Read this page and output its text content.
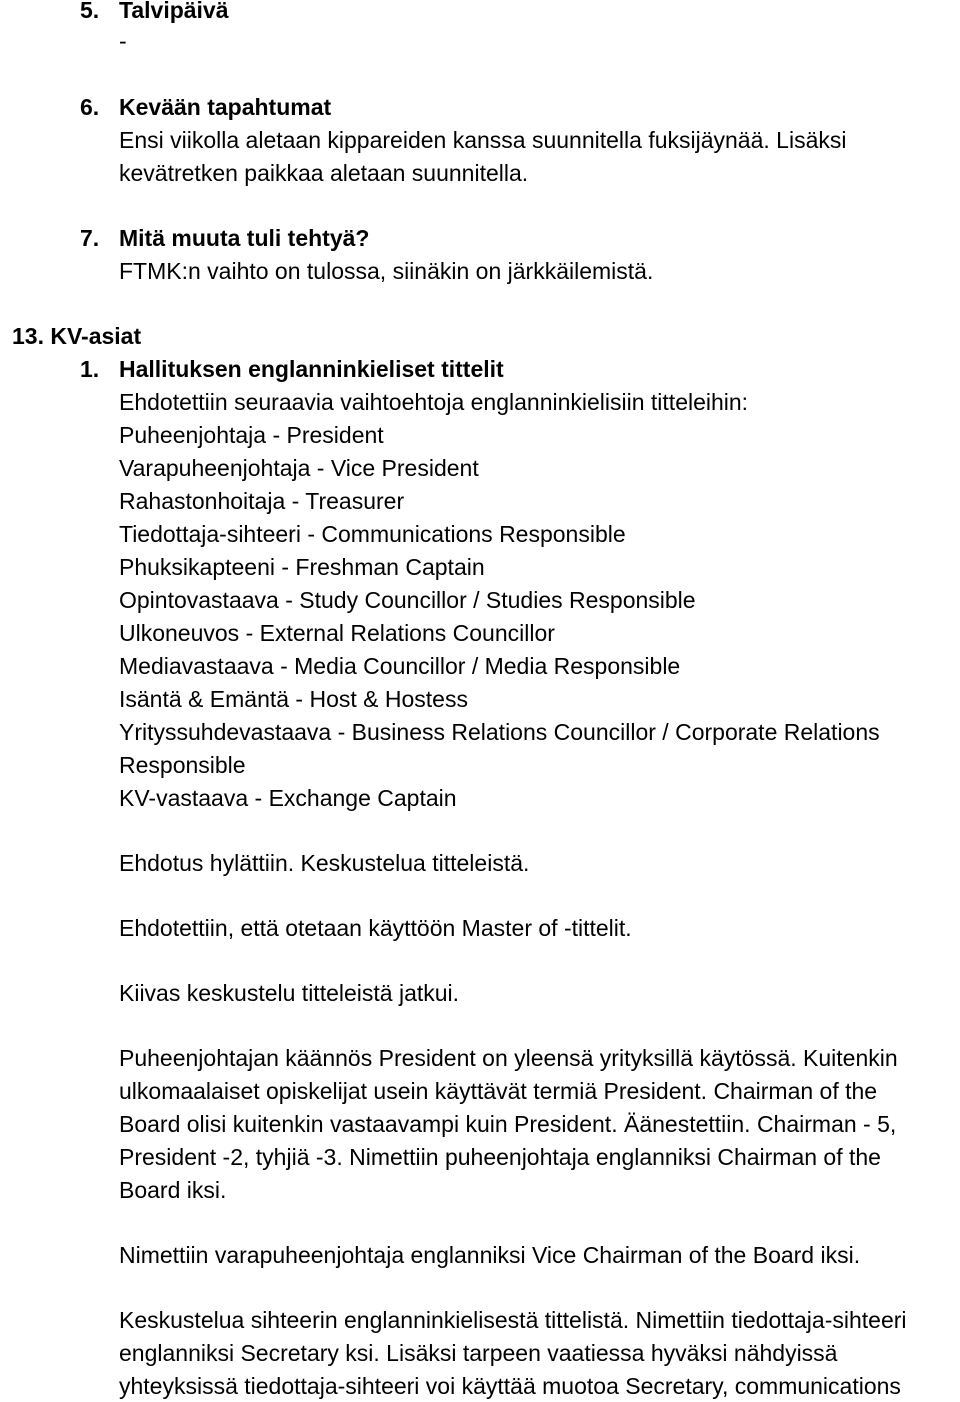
5. Talvipäivä
-
6. Kevään tapahtumat
Ensi viikolla aletaan kippareiden kanssa suunnitella fuksijäynää. Lisäksi
kevätretken paikkaa aletaan suunnitella.
7. Mitä muuta tuli tehtyä?
FTMK:n vaihto on tulossa, siinäkin on järkkäilemistä.
13. KV-asiat
1. Hallituksen englanninkieliset tittelit
Ehdotettiin seuraavia vaihtoehtoja englanninkielisiin titteleihin:
Puheenjohtaja - President
Varapuheenjohtaja - Vice President
Rahastonhoitaja - Treasurer
Tiedottaja-sihteeri - Communications Responsible
Phuksikapteeni - Freshman Captain
Opintovastaava - Study Councillor / Studies Responsible
Ulkoneuvos - External Relations Councillor
Mediavastaava - Media Councillor / Media Responsible
Isäntä & Emäntä - Host & Hostess
Yrityssuhdevastaava - Business Relations Councillor / Corporate Relations
Responsible
KV-vastaava - Exchange Captain
Ehdotus hylättiin. Keskustelua titteleistä.
Ehdotettiin, että otetaan käyttöön Master of -tittelit.
Kiivas keskustelu titteleistä jatkui.
Puheenjohtajan käännös President on yleensä yrityksillä käytössä. Kuitenkin
ulkomaalaiset opiskelijat usein käyttävät termiä President. Chairman of the
Board olisi kuitenkin vastaavampi kuin President. Äänestettiin. Chairman - 5,
President -2, tyhjiä -3. Nimettiin puheenjohtaja englanniksi Chairman of the
Board iksi.
Nimettiin varapuheenjohtaja englanniksi Vice Chairman of the Board iksi.
Keskustelua sihteerin englanninkielisestä tittelistä. Nimettiin tiedottaja-sihteeri
englanniksi Secretary ksi. Lisäksi tarpeen vaatiessa hyväksi nähdyissä
yhteyksissä tiedottaja-sihteeri voi käyttää muotoa Secretary, communications
